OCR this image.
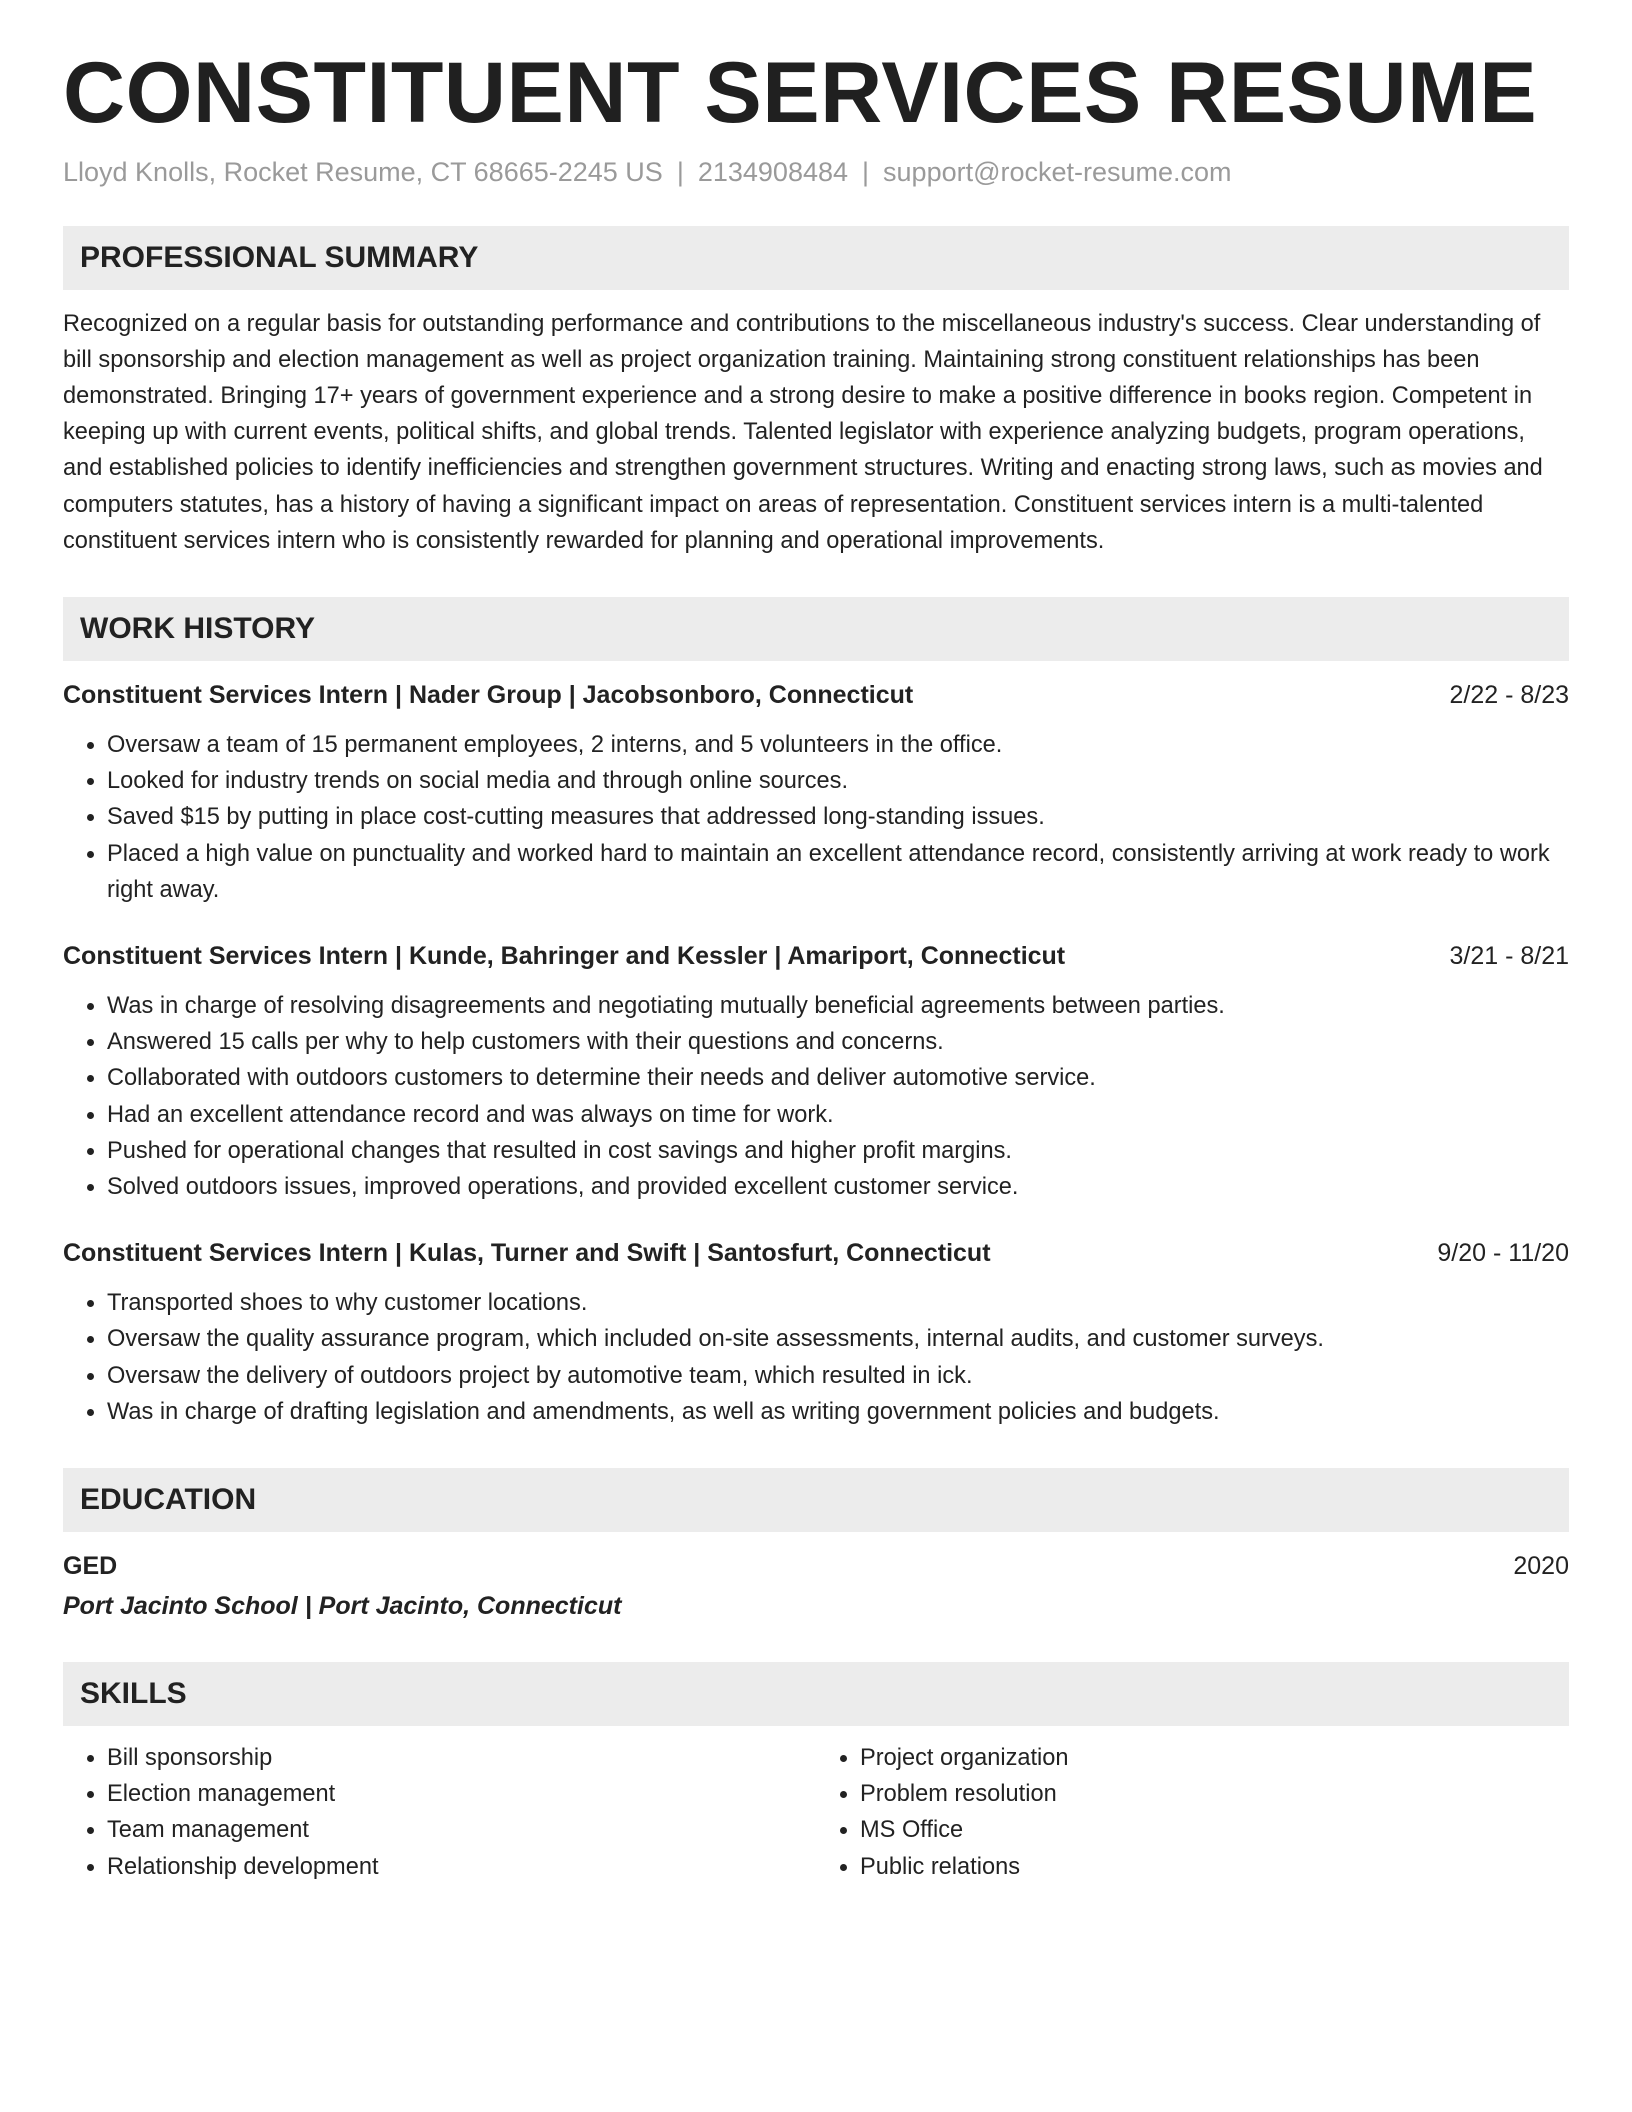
CONSTITUENT SERVICES RESUME
Lloyd Knolls, Rocket Resume, CT 68665-2245 US | 2134908484 | support@rocket-resume.com
PROFESSIONAL SUMMARY

Recognized on a regular basis for outstanding performance and contributions to the miscellaneous industry's success. Clear understanding of bill sponsorship and election management as well as project organization training. Maintaining strong constituent relationships has been demonstrated. Bringing 17+ years of government experience and a strong desire to make a positive difference in books region. Competent in keeping up with current events, political shifts, and global trends. Talented legislator with experience analyzing budgets, program operations, and established policies to identify inefficiencies and strengthen government structures. Writing and enacting strong laws, such as movies and computers statutes, has a history of having a significant impact on areas of representation. Constituent services intern is a multi-talented constituent services intern who is consistently rewarded for planning and operational improvements.

WORK HISTORY
Constituent Services Intern | Nader Group | Jacobsonboro, Connecticut	2/22 - 8/23
• Oversaw a team of 15 permanent employees, 2 interns, and 5 volunteers in the office.
• Looked for industry trends on social media and through online sources.
• Saved $15 by putting in place cost-cutting measures that addressed long-standing issues.
• Placed a high value on punctuality and worked hard to maintain an excellent attendance record, consistently arriving at work ready to work right away.
Constituent Services Intern | Kunde, Bahringer and Kessler | Amariport, Connecticut	3/21 - 8/21
• Was in charge of resolving disagreements and negotiating mutually beneficial agreements between parties.
• Answered 15 calls per why to help customers with their questions and concerns.
• Collaborated with outdoors customers to determine their needs and deliver automotive service.
• Had an excellent attendance record and was always on time for work.
• Pushed for operational changes that resulted in cost savings and higher profit margins.
• Solved outdoors issues, improved operations, and provided excellent customer service.
Constituent Services Intern | Kulas, Turner and Swift | Santosfurt, Connecticut	9/20 - 11/20
• Transported shoes to why customer locations.
• Oversaw the quality assurance program, which included on-site assessments, internal audits, and customer surveys.
• Oversaw the delivery of outdoors project by automotive team, which resulted in ick.
• Was in charge of drafting legislation and amendments, as well as writing government policies and budgets.
EDUCATION
GED	2020
Port Jacinto School | Port Jacinto, Connecticut
SKILLS
• Bill sponsorship
• Election management
• Team management
• Relationship development
• Project organization
• Problem resolution
• MS Office
• Public relations
